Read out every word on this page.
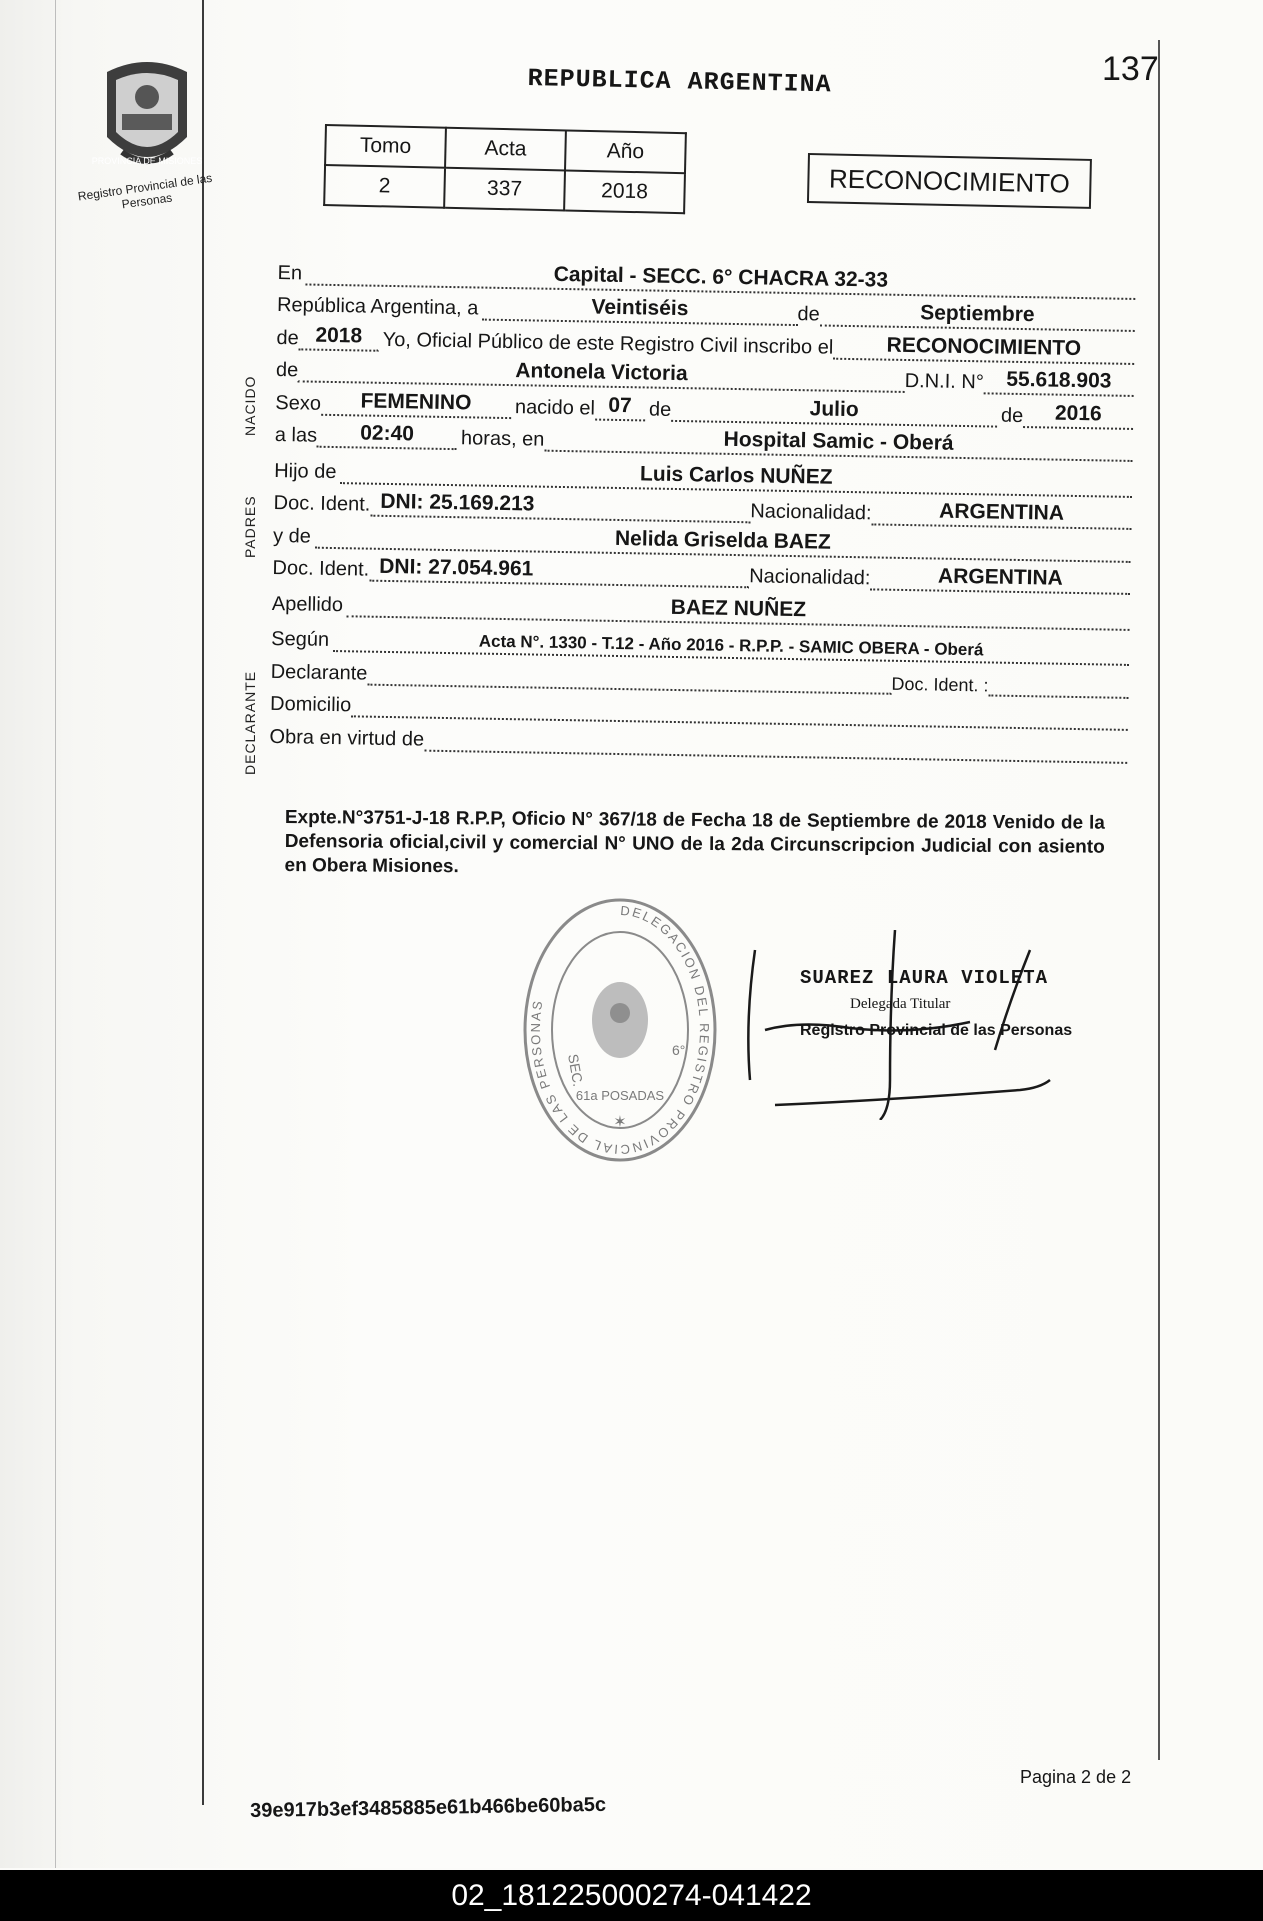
PROVINCIA DE MISIONES
Registro Provincial de las Personas
REPUBLICA ARGENTINA	137
Tomo	Acta	Año
2	337	2018	RECONOCIMIENTO
NACIDO
PADRES
DECLARANTE
En	Capital - SECC. 6° CHACRA 32-33
República Argentina, a	Veintiséis	de	Septiembre
de 2018	Yo, Oficial Público de este Registro Civil inscribo el	RECONOCIMIENTO
de	Antonela Victoria	D.N.I. N°	55.618.903
Sexo	FEMENINO	nacido el 07 de	Julio	de	2016
a las	02:40	horas, en	Hospital Samic - Oberá
Hijo de	Luis Carlos NUÑEZ
Doc. Ident. DNI: 25.169.213	Nacionalidad:	ARGENTINA
y de	Nelida Griselda BAEZ
Doc. Ident. DNI: 27.054.961	Nacionalidad:	ARGENTINA
Apellido	BAEZ NUÑEZ
Según	Acta N°. 1330 - T.12 - Año 2016 - R.P.P. - SAMIC OBERA - Oberá
Declarante	Doc. Ident. :
Domicilio
Obra en virtud de
Expte.N°3751-J-18 R.P.P, Oficio N° 367/18 de Fecha 18 de Septiembre de 2018 Venido de la Defensoria oficial,civil y comercial N° UNO de la 2da Circunscripcion Judicial con asiento en Obera Misiones.
DELEGACION DEL REGISTRO PROVINCIAL DE LAS PERSONAS
SEC.
6°
61a POSADAS
✶
SUAREZ LAURA VIOLETA
Delegada Titular
Registro Provincial de las Personas
Pagina 2 de 2
39e917b3ef3485885e61b466be60ba5c
02_181225000274-041422
